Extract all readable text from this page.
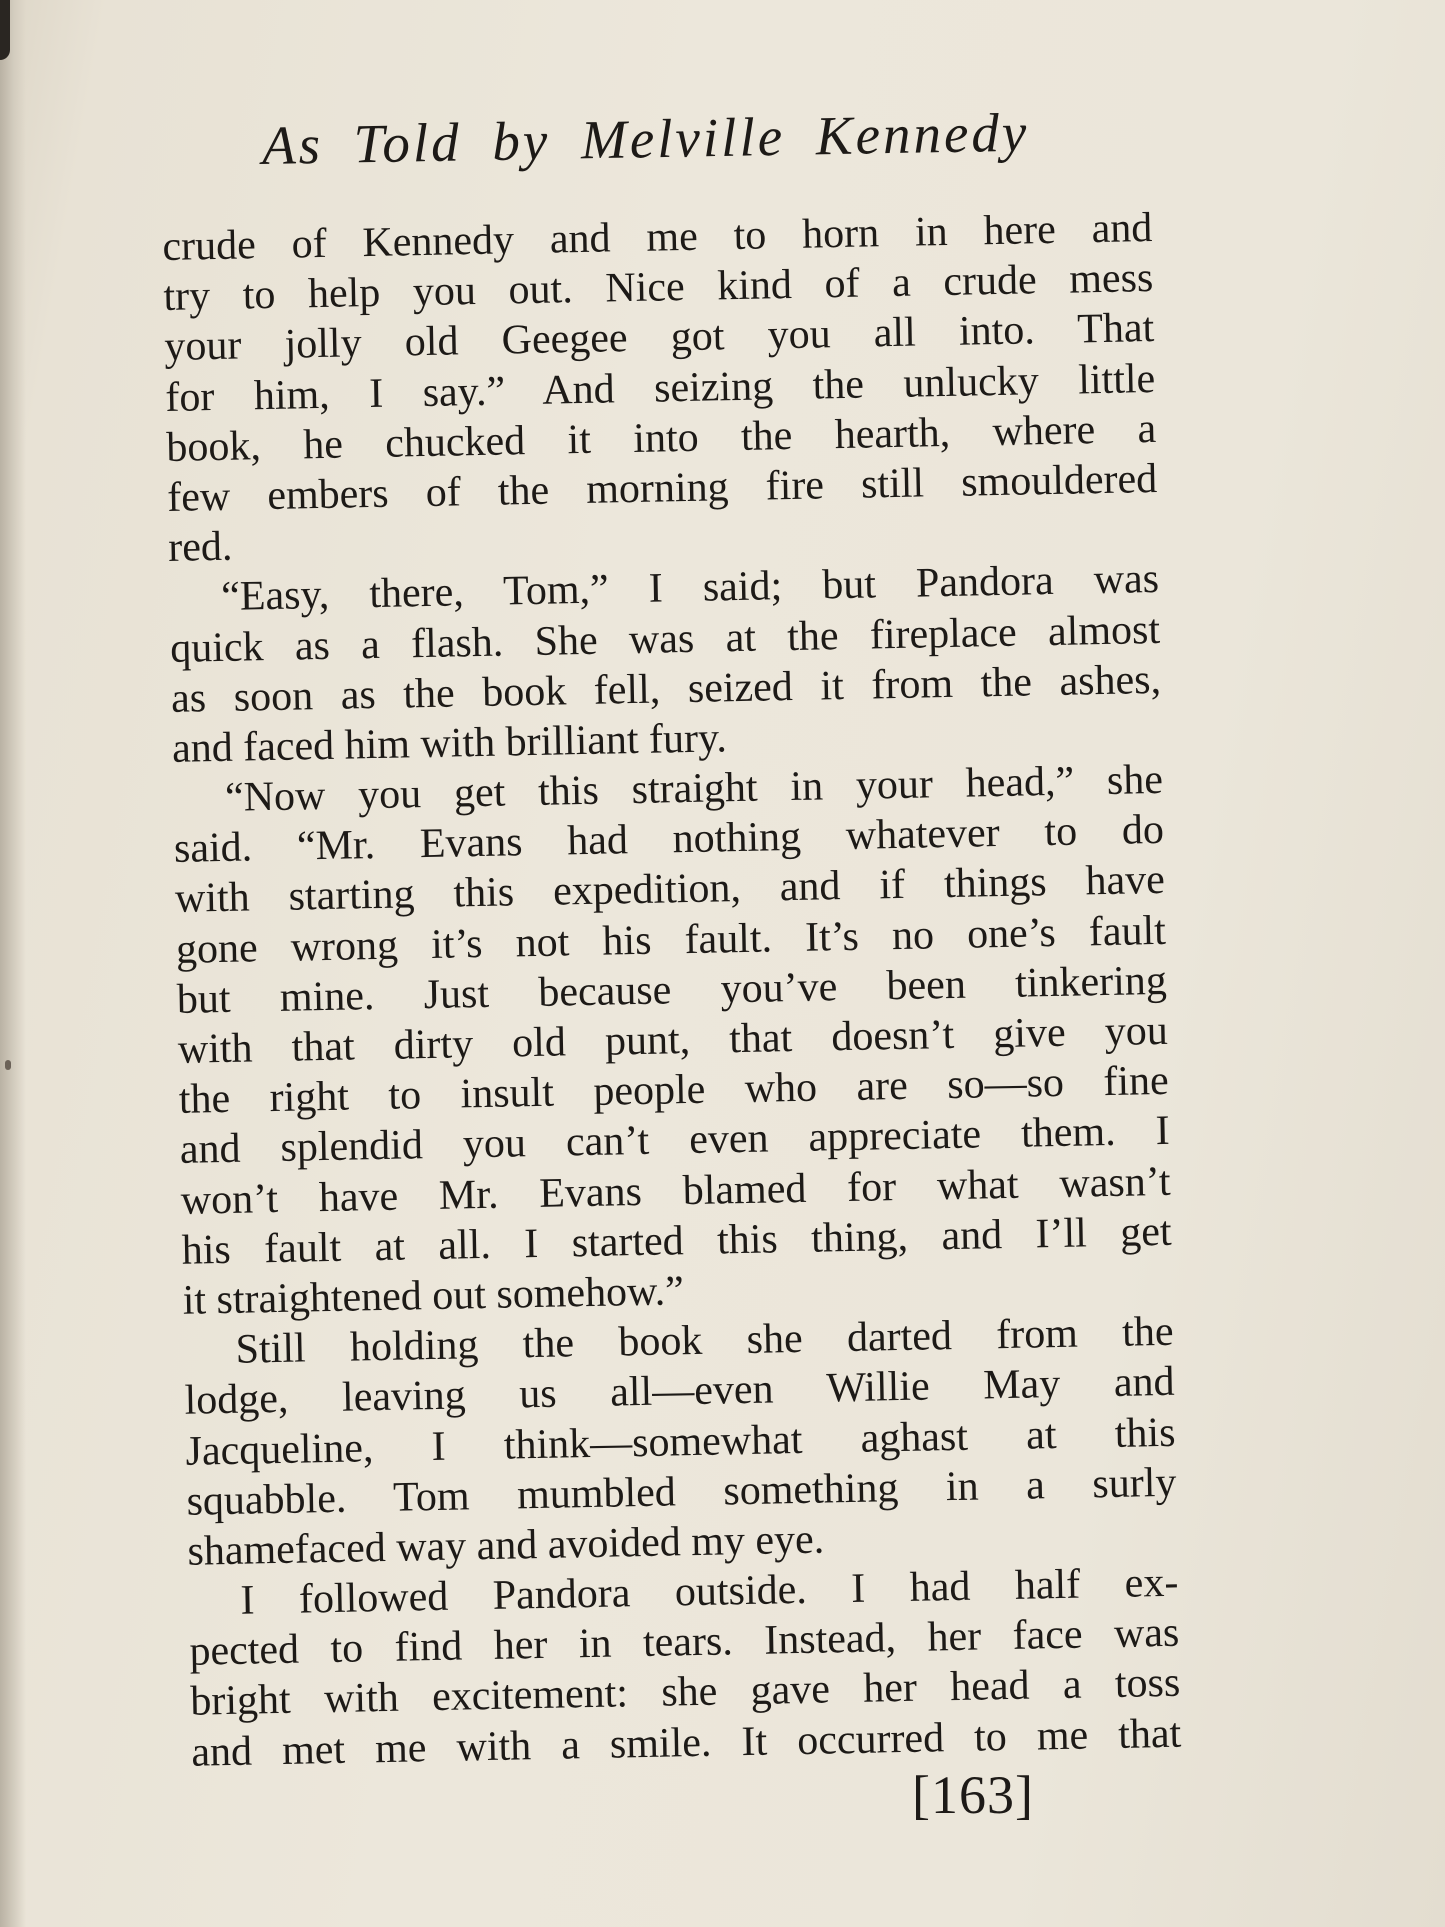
As Told by Melville Kennedy
crude of Kennedy and me to horn in here and
try to help you out. Nice kind of a crude mess
your jolly old Geegee got you all into. That
for him, I say.” And seizing the unlucky little
book, he chucked it into the hearth, where a
few embers of the morning fire still smouldered
red.
“Easy, there, Tom,” I said; but Pandora was
quick as a flash. She was at the fireplace almost
as soon as the book fell, seized it from the ashes,
and faced him with brilliant fury.
“Now you get this straight in your head,” she
said. “Mr. Evans had nothing whatever to do
with starting this expedition, and if things have
gone wrong it’s not his fault. It’s no one’s fault
but mine. Just because you’ve been tinkering
with that dirty old punt, that doesn’t give you
the right to insult people who are so—so fine
and splendid you can’t even appreciate them. I
won’t have Mr. Evans blamed for what wasn’t
his fault at all. I started this thing, and I’ll get
it straightened out somehow.”
Still holding the book she darted from the
lodge, leaving us all—even Willie May and
Jacqueline, I think—somewhat aghast at this
squabble. Tom mumbled something in a surly
shamefaced way and avoided my eye.
I followed Pandora outside. I had half ex-
pected to find her in tears. Instead, her face was
bright with excitement: she gave her head a toss
and met me with a smile. It occurred to me that
[163]
